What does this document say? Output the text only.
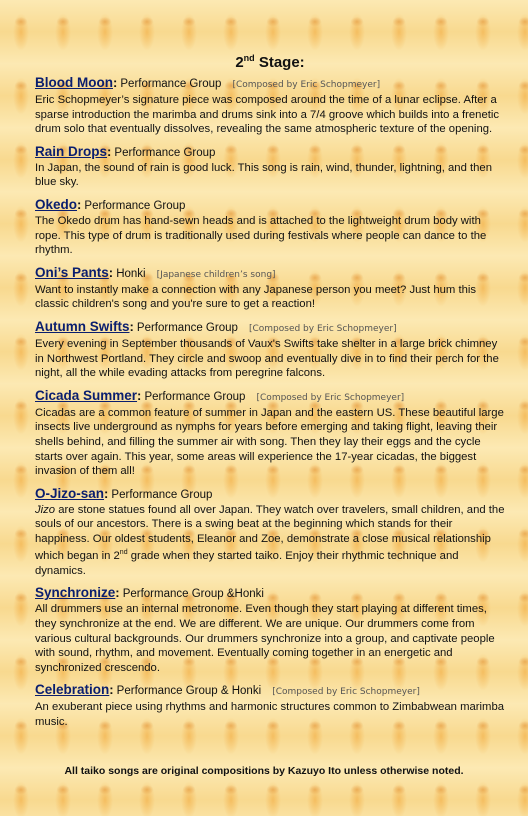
2nd Stage:
Blood Moon: Performance Group [Composed by Eric Schopmeyer]
Eric Schopmeyer’s signature piece was composed around the time of a lunar eclipse. After a sparse introduction the marimba and drums sink into a 7/4 groove which builds into a frenetic drum solo that eventually dissolves, revealing the same atmospheric texture of the opening.
Rain Drops: Performance Group
In Japan, the sound of rain is good luck. This song is rain, wind, thunder, lightning, and then blue sky.
Okedo: Performance Group
The Okedo drum has hand-sewn heads and is attached to the lightweight drum body with rope. This type of drum is traditionally used during festivals where people can dance to the rhythm.
Oni’s Pants: Honki [Japanese children’s song]
Want to instantly make a connection with any Japanese person you meet? Just hum this classic children's song and you're sure to get a reaction!
Autumn Swifts: Performance Group [Composed by Eric Schopmeyer]
Every evening in September thousands of Vaux's Swifts take shelter in a large brick chimney in Northwest Portland. They circle and swoop and eventually dive in to find their perch for the night, all the while evading attacks from peregrine falcons.
Cicada Summer: Performance Group [Composed by Eric Schopmeyer]
Cicadas are a common feature of summer in Japan and the eastern US. These beautiful large insects live underground as nymphs for years before emerging and taking flight, leaving their shells behind, and filling the summer air with song. Then they lay their eggs and the cycle starts over again. This year, some areas will experience the 17-year cicadas, the biggest invasion of them all!
O-Jizo-san: Performance Group
Jizo are stone statues found all over Japan. They watch over travelers, small children, and the souls of our ancestors. There is a swing beat at the beginning which stands for their happiness. Our oldest students, Eleanor and Zoe, demonstrate a close musical relationship which began in 2nd grade when they started taiko. Enjoy their rhythmic technique and dynamics.
Synchronize: Performance Group &Honki
All drummers use an internal metronome. Even though they start playing at different times, they synchronize at the end. We are different. We are unique. Our drummers come from various cultural backgrounds. Our drummers synchronize into a group, and captivate people with sound, rhythm, and movement. Eventually coming together in an energetic and synchronized crescendo.
Celebration: Performance Group & Honki [Composed by Eric Schopmeyer]
An exuberant piece using rhythms and harmonic structures common to Zimbabwean marimba music.
All taiko songs are original compositions by Kazuyo Ito unless otherwise noted.
